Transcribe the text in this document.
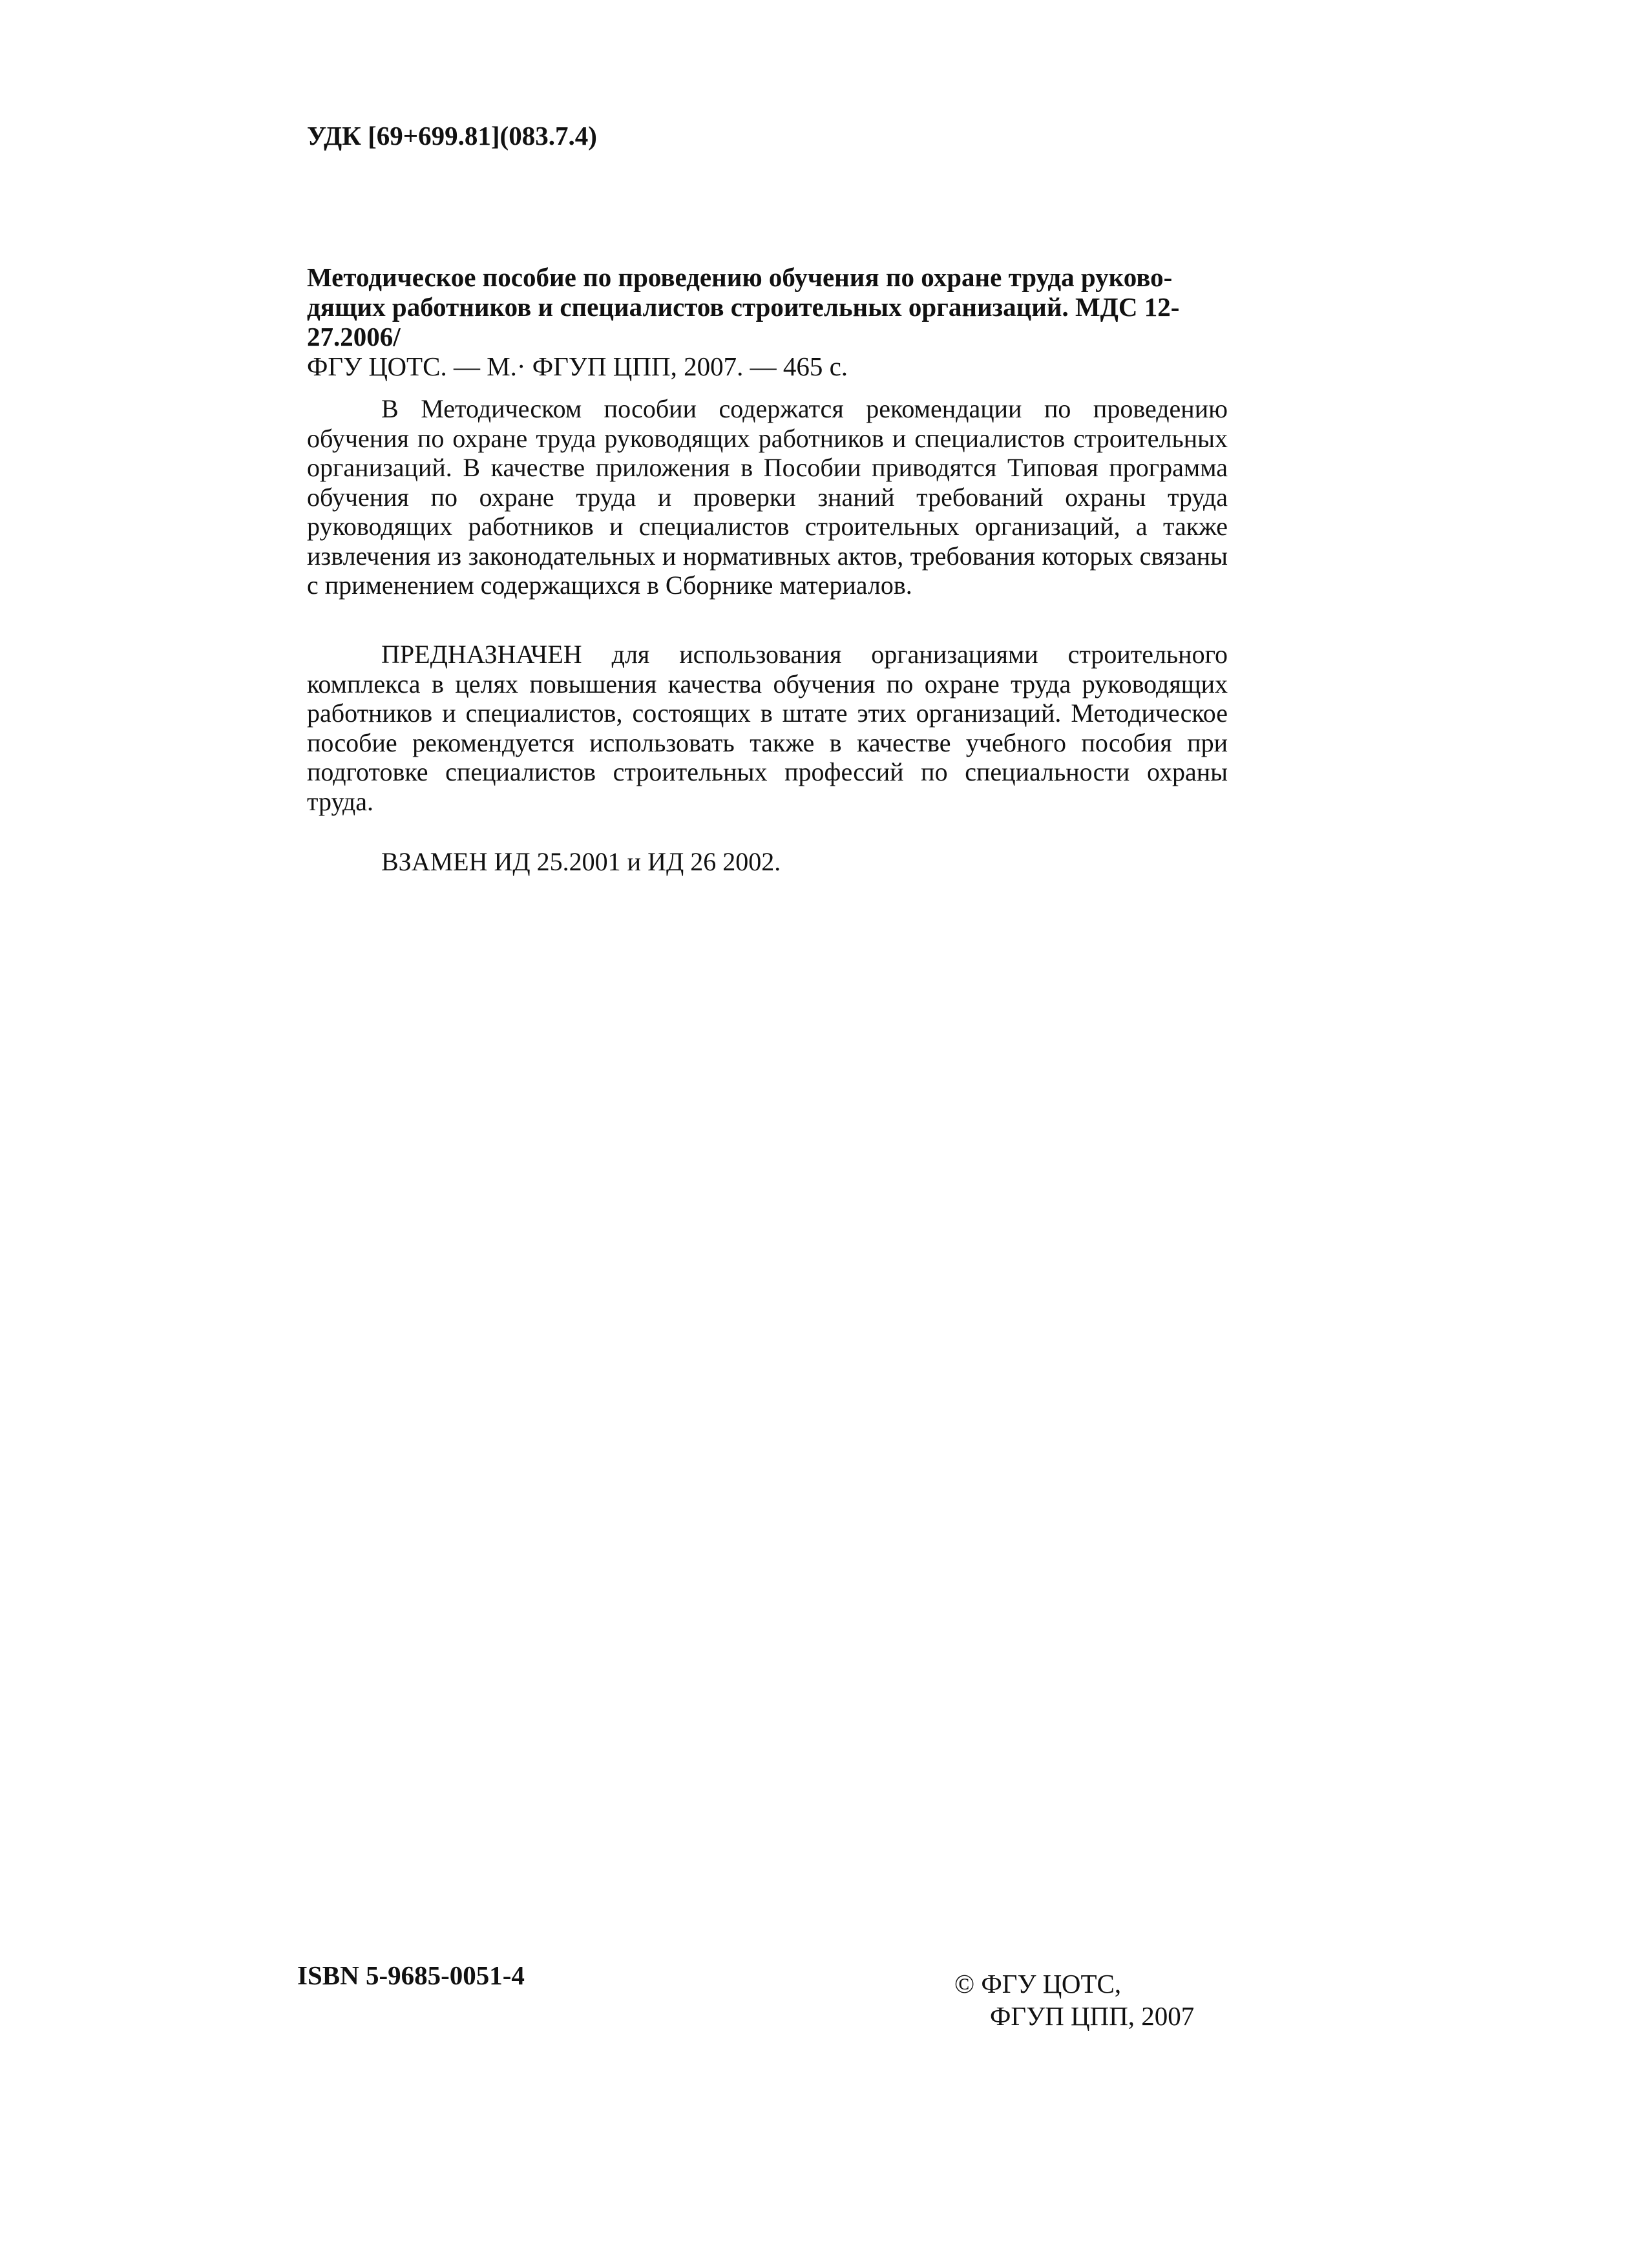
УДК [69+699.81](083.7.4)
Методическое пособие по проведению обучения по охране труда руково-
дящих работников и специалистов строительных организаций. МДС 12-27.2006/
ФГУ ЦОТС. — М.· ФГУП ЦПП, 2007. — 465 с.

В Методическом пособии содержатся рекомендации по проведению обучения по охране труда руководящих работников и специалистов строительных организаций. В качестве приложения в Пособии приводятся Типовая программа обучения по охране труда и проверки знаний требований охраны труда руководящих работников и специалистов строительных организаций, а также извлечения из законодательных и нормативных актов, требования которых связаны с применением содержащихся в Сборнике материалов.

ПРЕДНАЗНАЧЕН для использования организациями строительного комплекса в целях повышения качества обучения по охране труда руководящих работников и специалистов, состоящих в штате этих организаций. Методическое пособие рекомендуется использовать также в качестве учебного пособия при подготовке специалистов строительных профессий по специальности охраны труда.

ВЗАМЕН ИД 25.2001 и ИД 26 2002.
ISBN 5-9685-0051-4	© ФГУ ЦОТС,
ФГУП ЦПП, 2007
